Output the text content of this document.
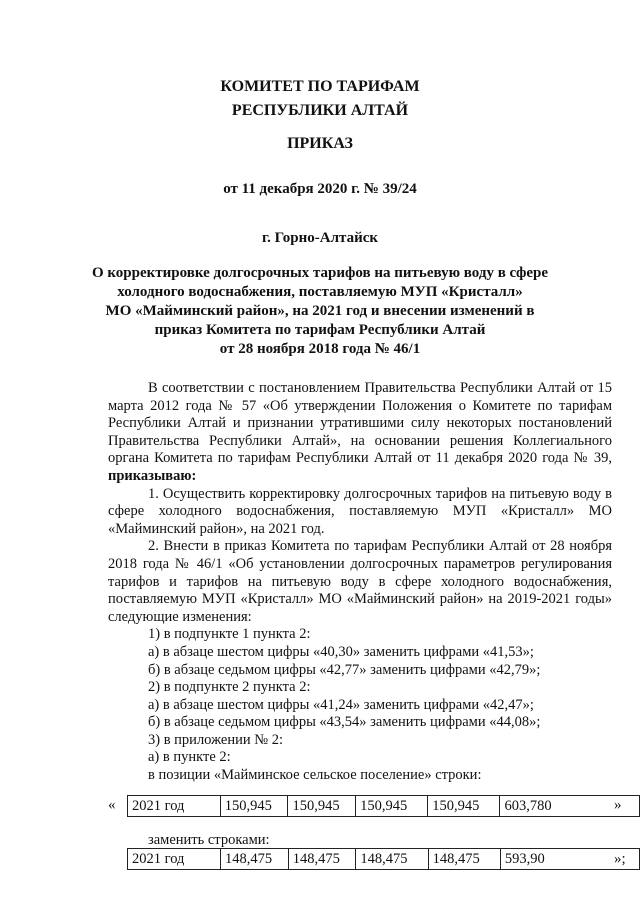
КОМИТЕТ ПО ТАРИФАМ
РЕСПУБЛИКИ АЛТАЙ
ПРИКАЗ
от 11 декабря 2020 г. № 39/24
г. Горно-Алтайск
О корректировке долгосрочных тарифов на питьевую воду в сфере
холодного водоснабжения, поставляемую МУП «Кристалл»
МО «Майминский район», на 2021 год и внесении изменений в
приказ Комитета по тарифам Республики Алтай
от 28 ноября 2018 года № 46/1

В соответствии с постановлением Правительства Республики Алтай от 15 марта 2012 года № 57 «Об утверждении Положения о Комитете по тарифам Республики Алтай и признании утратившими силу некоторых постановлений Правительства Республики Алтай», на основании решения Коллегиального органа Комитета по тарифам Республики Алтай от 11 декабря 2020 года № 39, приказываю:

1. Осуществить корректировку долгосрочных тарифов на питьевую воду в сфере холодного водоснабжения, поставляемую МУП «Кристалл» МО «Майминский район», на 2021 год.

2. Внести в приказ Комитета по тарифам Республики Алтай от 28 ноября 2018 года № 46/1 «Об установлении долгосрочных параметров регулирования тарифов и тарифов на питьевую воду в сфере холодного водоснабжения, поставляемую МУП «Кристалл» МО «Майминский район» на 2019-2021 годы» следующие изменения:

1) в подпункте 1 пункта 2:

а) в абзаце шестом цифры «40,30» заменить цифрами «41,53»;

б) в абзаце седьмом цифры «42,77» заменить цифрами «42,79»;

2) в подпункте 2 пункта 2:

а) в абзаце шестом цифры «41,24» заменить цифрами «42,47»;

б) в абзаце седьмом цифры «43,54» заменить цифрами «44,08»;

3) в приложении № 2:

а) в пункте 2:

в позиции «Майминское сельское поселение» строки:

« 2021 год	150,945	150,945	150,945	150,945	603,780	»
заменить строками:
2021 год	148,475	148,475	148,475	148,475	593,90	»;
